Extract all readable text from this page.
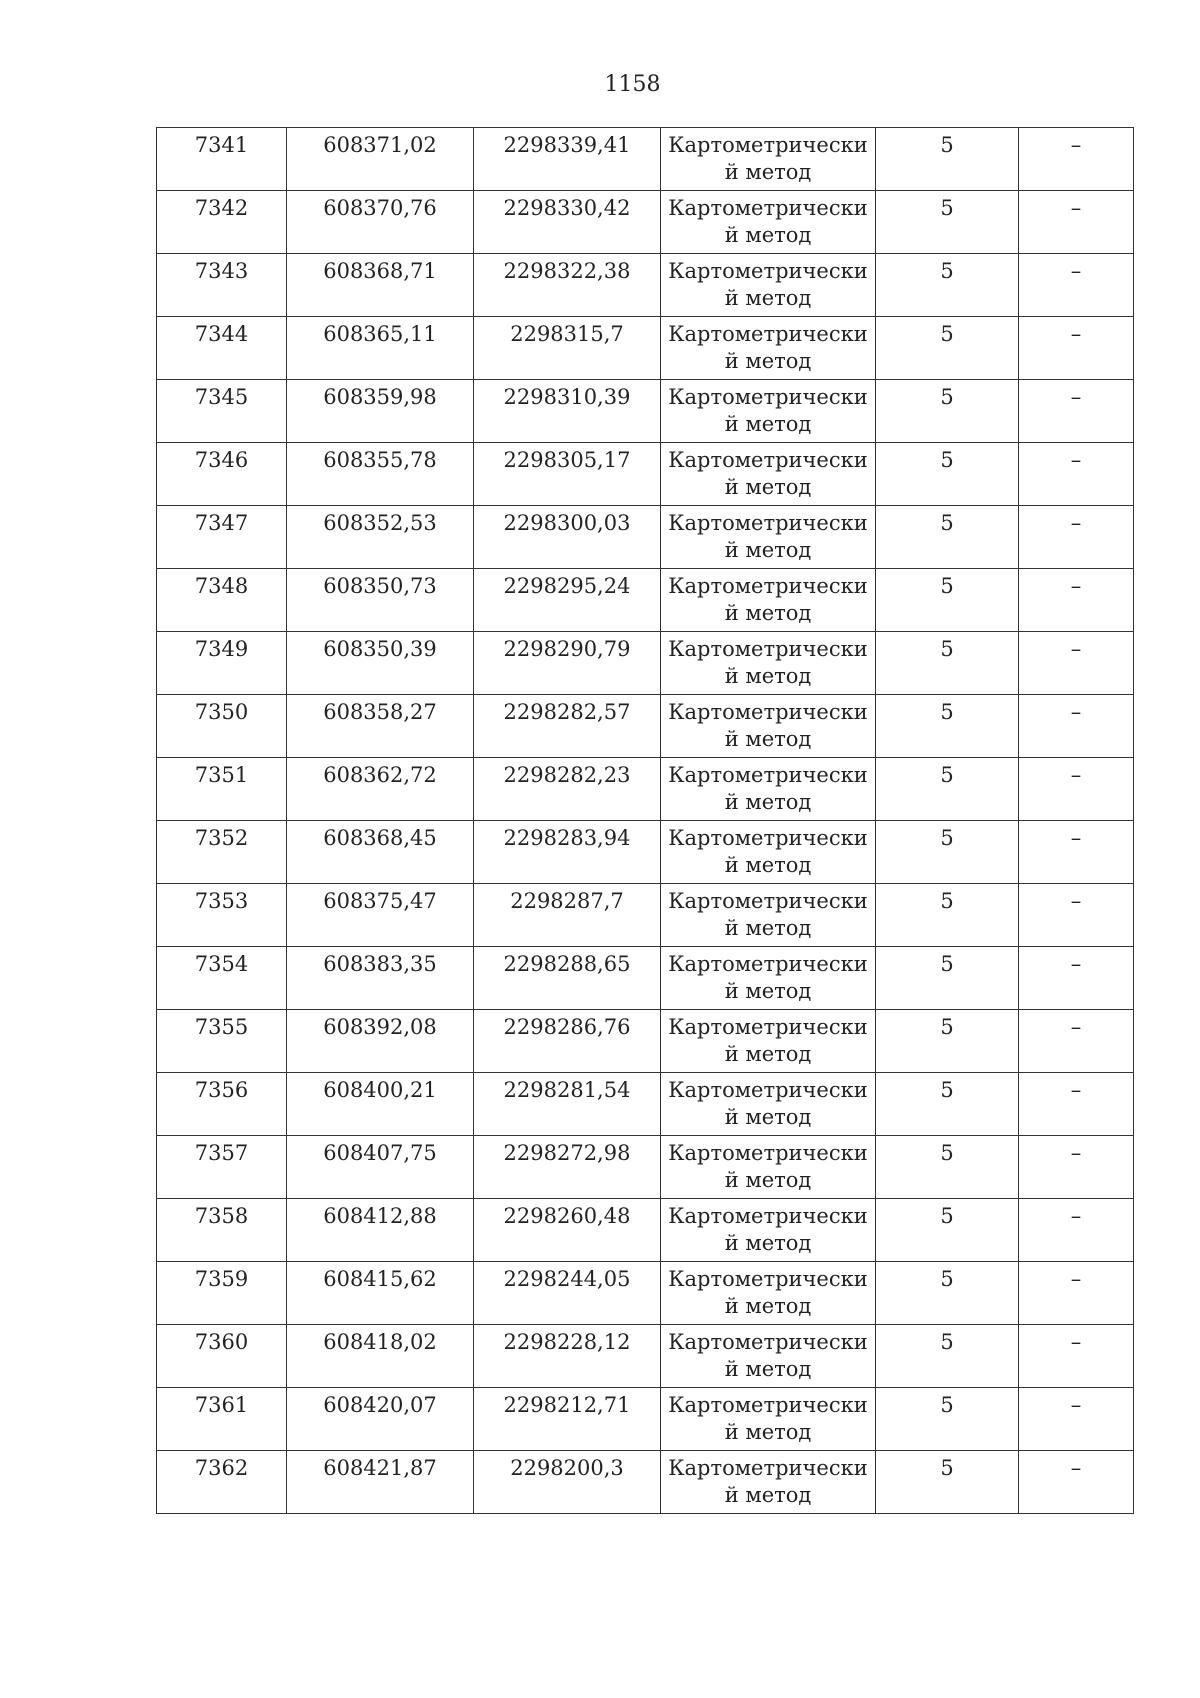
1158
7341	608371,02	2298339,41	Картометрически й метод	5	–

7342	608370,76	2298330,42	Картометрически й метод	5	–

7343	608368,71	2298322,38	Картометрически й метод	5	–

7344	608365,11	2298315,7	Картометрически й метод	5	–

7345	608359,98	2298310,39	Картометрически й метод	5	–

7346	608355,78	2298305,17	Картометрически й метод	5	–

7347	608352,53	2298300,03	Картометрически й метод	5	–

7348	608350,73	2298295,24	Картометрически й метод	5	–

7349	608350,39	2298290,79	Картометрически й метод	5	–

7350	608358,27	2298282,57	Картометрически й метод	5	–

7351	608362,72	2298282,23	Картометрически й метод	5	–

7352	608368,45	2298283,94	Картометрически й метод	5	–

7353	608375,47	2298287,7	Картометрически й метод	5	–

7354	608383,35	2298288,65	Картометрически й метод	5	–

7355	608392,08	2298286,76	Картометрически й метод	5	–

7356	608400,21	2298281,54	Картометрически й метод	5	–

7357	608407,75	2298272,98	Картометрически й метод	5	–

7358	608412,88	2298260,48	Картометрически й метод	5	–

7359	608415,62	2298244,05	Картометрически й метод	5	–

7360	608418,02	2298228,12	Картометрически й метод	5	–

7361	608420,07	2298212,71	Картометрически й метод	5	–

7362	608421,87	2298200,3	Картометрически й метод	5	–
